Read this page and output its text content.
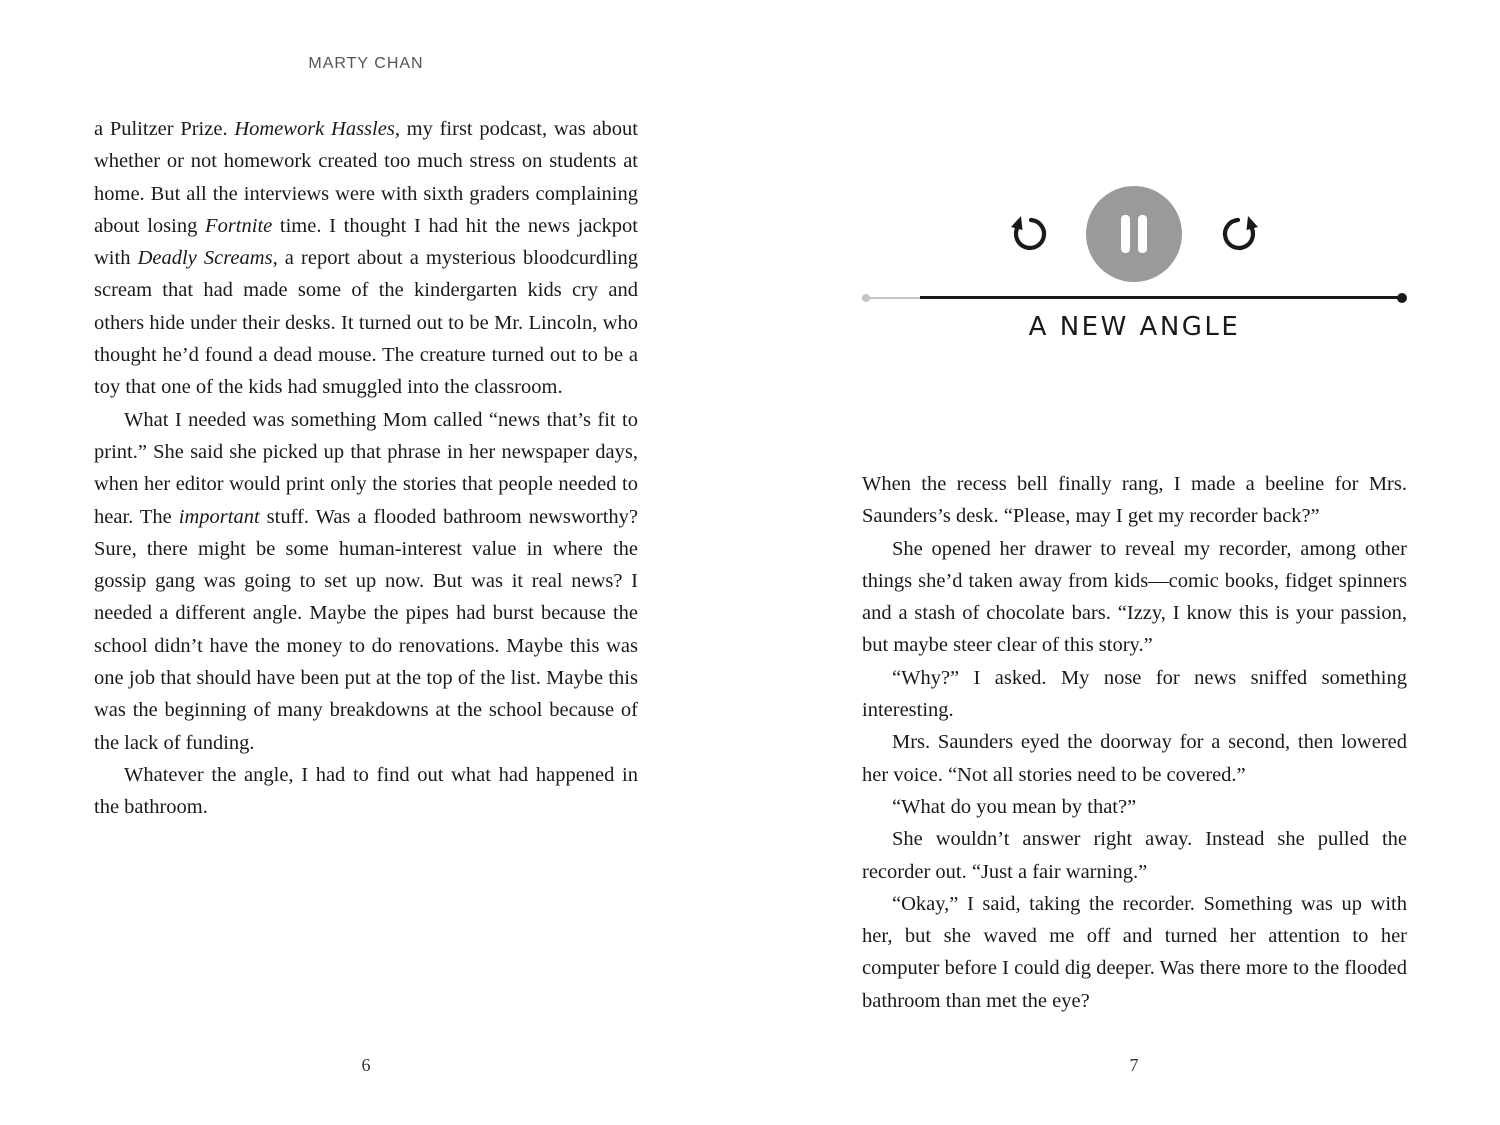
MARTY CHAN

a Pulitzer Prize. Homework Hassles, my first podcast, was about whether or not homework created too much stress on students at home. But all the interviews were with sixth graders complaining about losing Fortnite time. I thought I had hit the news jackpot with Deadly Screams, a report about a mysterious bloodcurdling scream that had made some of the kindergarten kids cry and others hide under their desks. It turned out to be Mr. Lincoln, who thought he’d found a dead mouse. The creature turned out to be a toy that one of the kids had smuggled into the classroom.

What I needed was something Mom called “news that’s fit to print.” She said she picked up that phrase in her newspaper days, when her editor would print only the stories that people needed to hear. The important stuff. Was a flooded bathroom newsworthy? Sure, there might be some human-interest value in where the gossip gang was going to set up now. But was it real news? I needed a different angle. Maybe the pipes had burst because the school didn’t have the money to do renovations. Maybe this was one job that should have been put at the top of the list. Maybe this was the beginning of many breakdowns at the school because of the lack of funding.

Whatever the angle, I had to find out what had happened in the bathroom.

6
A NEW ANGLE

When the recess bell finally rang, I made a beeline for Mrs. Saunders’s desk. “Please, may I get my recorder back?”

She opened her drawer to reveal my recorder, among other things she’d taken away from kids—comic books, fidget spinners and a stash of chocolate bars. “Izzy, I know this is your passion, but maybe steer clear of this story.”

“Why?” I asked. My nose for news sniffed something interesting.

Mrs. Saunders eyed the doorway for a second, then lowered her voice. “Not all stories need to be covered.”

“What do you mean by that?”

She wouldn’t answer right away. Instead she pulled the recorder out. “Just a fair warning.”

“Okay,” I said, taking the recorder. Something was up with her, but she waved me off and turned her attention to her computer before I could dig deeper. Was there more to the flooded bathroom than met the eye?

7
